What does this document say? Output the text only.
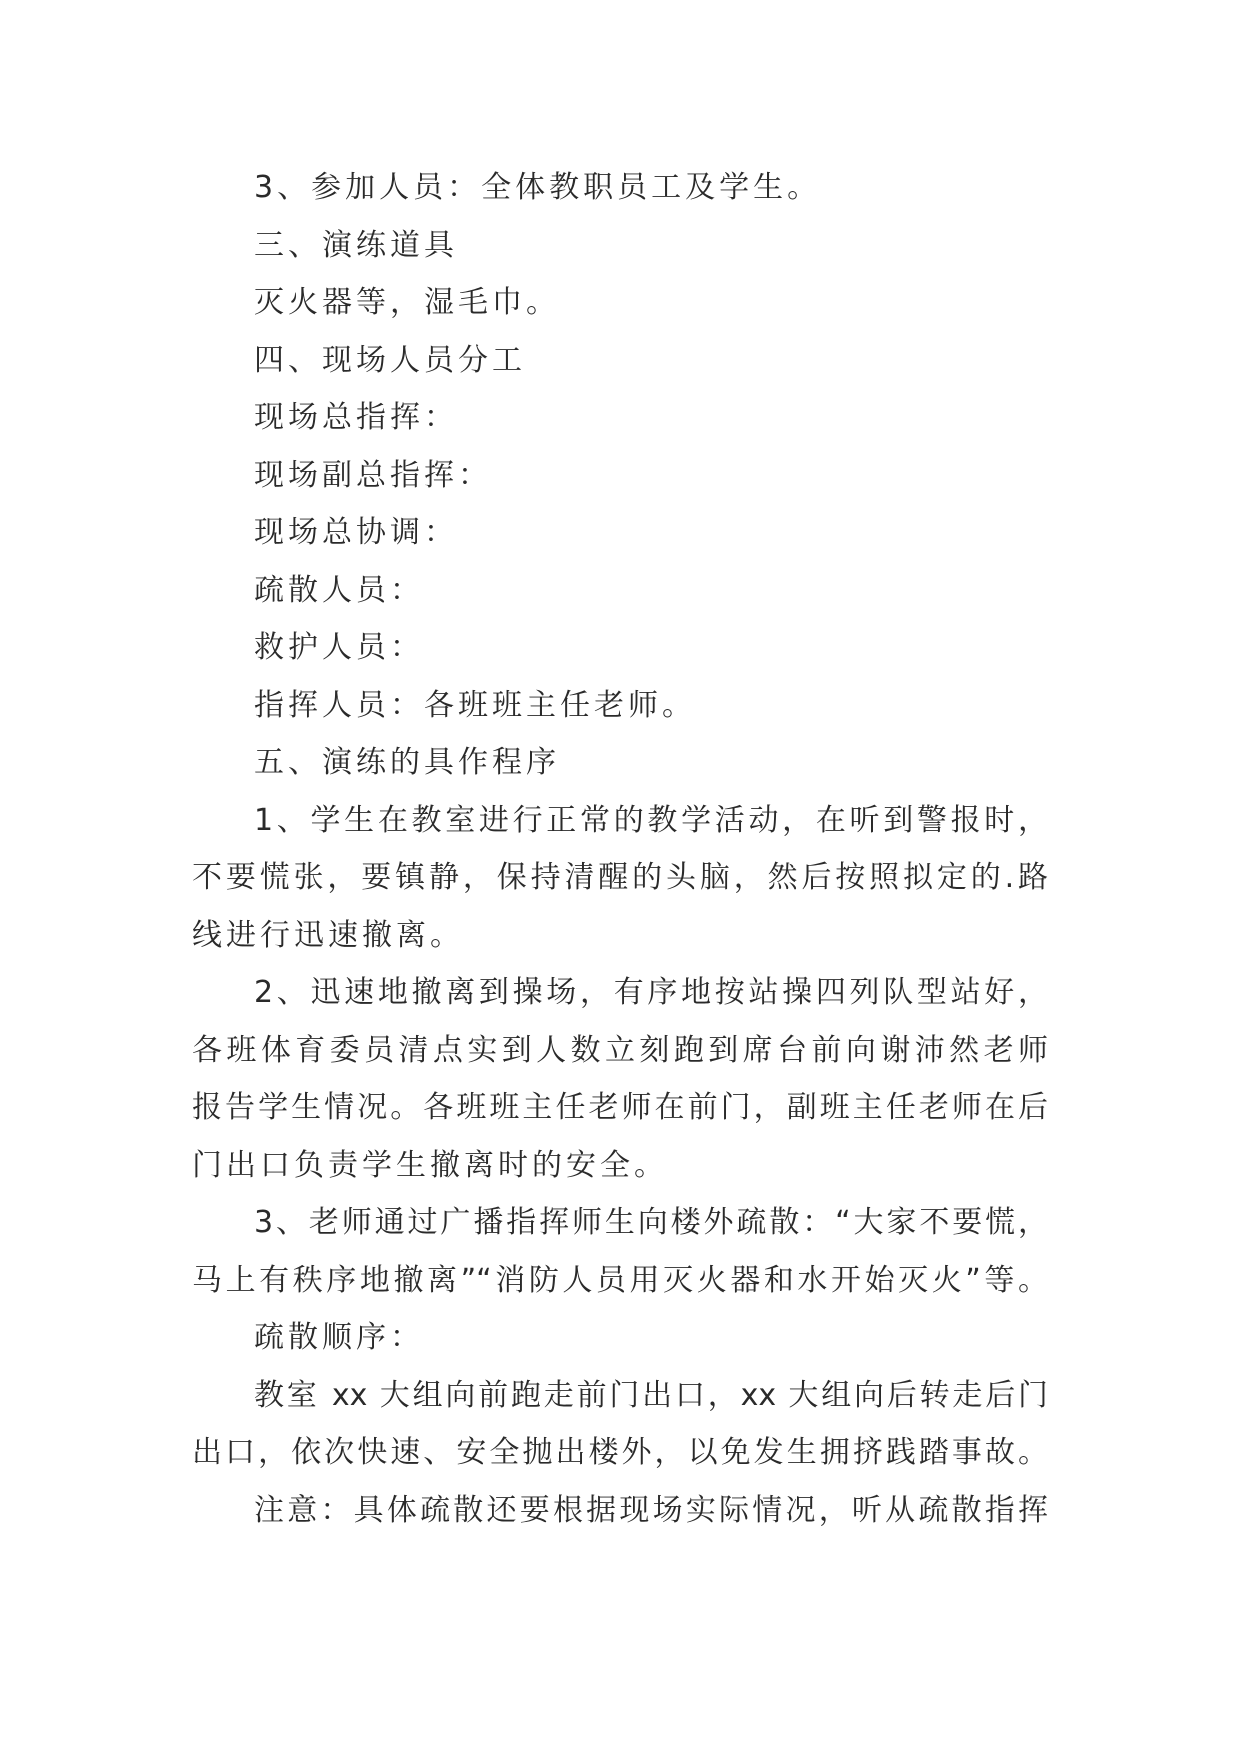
3、参加人员：全体教职员工及学生。
三、演练道具
灭火器等，湿毛巾。
四、现场人员分工
现场总指挥：
现场副总指挥：
现场总协调：
疏散人员：
救护人员：
指挥人员：各班班主任老师。
五、演练的具作程序
1、学生在教室进行正常的教学活动，在听到警报时，
不要慌张，要镇静，保持清醒的头脑，然后按照拟定的.路
线进行迅速撤离。
2、迅速地撤离到操场，有序地按站操四列队型站好，
各班体育委员清点实到人数立刻跑到席台前向谢沛然老师
报告学生情况。各班班主任老师在前门，副班主任老师在后
门出口负责学生撤离时的安全。
3、老师通过广播指挥师生向楼外疏散：“大家不要慌，
马上有秩序地撤离”“消防人员用灭火器和水开始灭火”等。
疏散顺序：
教室 xx 大组向前跑走前门出口，xx 大组向后转走后门
出口，依次快速、安全抛出楼外，以免发生拥挤践踏事故。
注意：具体疏散还要根据现场实际情况，听从疏散指挥
